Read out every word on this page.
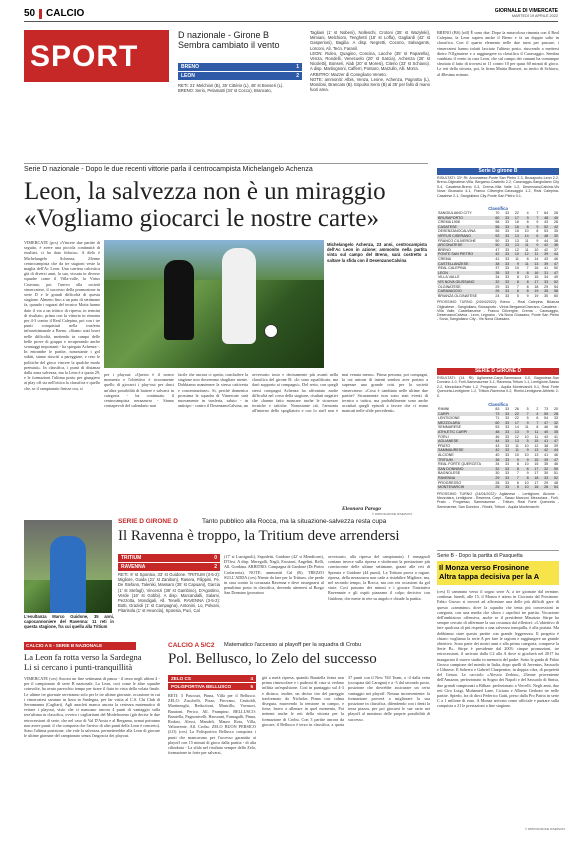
50 CALCIO	GIORNALE DI VIMERCATE
MARTEDÌ 19 APRILE 2022
SPORT
D nazionale - Girone B
Sembra cambiato il vento
BRENO	1
LEON	2
RETI: 21' Melchiori (B), 35' Cittério (L), 48' st Bonseri (L).
BRENO: Serio, Pelamatti (34' st Cocco), Brancato,
Tagliani (1' st Nobeni), Nolleschi, Crotoni (35' st Wazyleki), Mimiani, Melchioro, Tenghetti (16' st Loffa), Gagliardi (42' st Gasperioni), Bagilia. A disp. Negretti, Cocono, Salvagonts, Lorconi, Alì. Tecn. Faranil.
LEON: Ruleo, Quagino, Concina, Lacche (35' st Paparella), Venza, Rondelli, Venecuelo (20' st Sarcia), Achenza (26' st Nicoletti), Bonseri, Alab (20' st Moresi), Citerio (33' st Schiavo). A disp. Martiognoni, Cafferri, Pontaro, Marzullo, Alli. Morra.
ARBITRO: Mazzer di Conegliano Veneto.
NOTE: ammoniti: Albis, Venza, Leone, Achenza, Pagnotta (L), Mondoni, Brancato (B). Espulso Serio (B) al 35' per fallo di mano fuori area.
BRENO (BS) [rdf] È sono due. Dopo la miracolosa rimonta con il Real Calepina, la Leon supera anche il Breno e fa un doppio salto in classifica. Con il quarto elemento nelle due turni per passare, i vimercatesi hanno infatti lasciato l'ultimo posto, riuscendo a mettersi dietro l'Olginatese e a raggiungere in classifica il Caravaggio. Sembra cambiato il vento in casa Leon, che sul campo dei camuni ha comunque sfruttato il fatto di trovarsi in 11 contro 10 per quasi 60 minuti di gioco. Le reti della vittoria, poi, la firma Mattia Bonseri, su invito di Schiavo, al 48esimo minuto.
Serie D nazionale - Dopo le due recenti vittorie parla il centrocampista Michelangelo Achenza
Leon, la salvezza non è un miraggio
«Vogliamo giocarci le nostre carte»
VIMERCATE (pcs) «Vincere due partite di seguito, è avere una piccola continuità di risultati, ci ha dato fiducia». A dirlo è Michelangelo Achenza, 23enne centrocampista che da tre stagioni veste la maglia dell'Ac Leon. Una carriera calcistica già di diversi anni, la sua, vissuta in diverse squadre come il Villa-valle, la Virtus Ciserano, poi l'arrivo alla società vimercatese, il successo della promozione in serie D e le grandi difficoltà di questa stagione. Almeno fino a un paio di settimane fa, quando i ragazzi del tecnico Motta hanno dato il via a un trittico di ripresa, in termini di risultato, prima con la vittoria in rimonta per 4-3 contro il Real Calepina, poi con i tre punti conquistati nella trasferta infrasettimanale a Breno. «Siamo stati bravi nelle difficoltà, mettendo in campo delle belle prove di gruppo e recuperando anche svantaggi importanti - ha spiegato Achenza -. In entrambe le partite, nonostante i gol subiti, siamo riusciti a pareggiare, e reso le politiche del gioco vincere la qualche modo premiati». In classifica, i punti di distanza dalla zona salvezza, ma la Leon è a quota 29, e le formazioni l'ultima posto per giungiero ai play off sia nell'ottica la classifica e quello che, se il campionato finisse ora, si
Michelangelo Achenza, 23 anni, centrocampista dell'Ac Leon in azione; ammonito nella partita vinta sul campo del Breno, sarà costretto a saltare la sfida con il DesenzanoCalvina
per i playout: «Questo è il nostro momento e l'obiettivo è sicuramente quello di giocarci i play-out per darci un'altra possibilità di battere e salvarci in categoria - ha continuato il centrocampista nerazzurro - Siamo consapevoli del calendario non
facile che ancora ci spetta; concludere la stagione non dovremmo sbagliare niente. Dobbiamo mantenere la stessa cattiveria e concentrazione». Si, perché domenica prossima la squadra di Vimercate sarà nuovamente in trasferta, saluto - in anticipo - contro il DesenzanoCalvina, un
avversario tosto e decisamente più avanti nella classifica del girone B: «Io sono squalificato, ma darò supporto ai compagni». Del resto, con quegli stessi compagni Achenza ha affrontato molte difficoltà nel corso della stagione, risultati negativi che «hanno fatto mancare anche le sicurezze tecniche e tattiche. Nonostante ciò, l'armonia all'interno dello spogliatoio e con lo staff non è mai venuta meno». Prima persona, poi compagni, la cui unione di intenti sembra aver portato a superare una grande crisi per la società vimercatese. «Cosa è cambiato nelle ultime due partite? Sicuramente non sono stati eventi di tecnica o tattica, ma probabilmente sono anche accaduti quegli episodi a favore che ci erano mancati nelle sfide precedenti».
Eleonora Parogo
© RIPRODUZIONE RISERVATA
Serie D girone B
RISULTATI: 33^ Rt: Arconatese-Ponte San Pietro 2-3, Brusaporto-Leon 2-2, Breno-Olginatese-Villa, Bergamo-Castiello 2-2, Caravaggio-Sangiuliano City 0-4, Casatese-Breno 0-3, Crema-Villa Valle 1-2, DesenzanoCalvina-Vis Nova Giussano 4-1, Franco Ciliverghe-Caravaggio 1-2, Real Calepina-Casatese 2-1, Sangiuliano City-Ponte San Pietro 0-1.
Classifica
SANGIULIANO CITY	70	33	22	4	7	64	26
BRUSAPORTO	60	33	17	9	7	48	40
CREMA 1908	58	33	16	8	9	43	28
CASATESE	56	33	16	8	9	52	42
DESENZANOCALVINA	55	33	15	10	8	53	35
VIRTUS CISERANO	53	33	13	14	6	48	30
FRANCO CILIVERGHE	50	33	13	11	9	44	38
ARCONATESE	50	33	13	11	9	42	36
BRENO	47	33	12	11	10	42	37
PONTE SAN PIETRO	42	33	10	12	11	39	44
CREMA	41	33	11	8	14	43	46
CASTELLANZESE	38	33	9	11	13	39	47
REAL CALEPINA	37	33	10	7	16	41	50
LEON	35	33	9	8	16	31	47
VILLA VALLE	34	33	8	10	15	34	49
VIS NOVA GIUSSANO	32	33	8	8	17	33	52
OLGINATESE	29	33	7	8	18	29	54
CARAVAGGIO	26	33	6	8	19	35	58
BRIANZA OLGINATESE	24	33	5	9	19	30	60
PROSSIMO TURNO (24/04/2022): Breno - Real Calepina, Brianza Olginatese - Sangiuliano, Brusaporto - Virtus Bergamo/Ciserano, Casatese - Villa Valle, Castellanzese - Franco Ciliverghe, Crema - Caravaggio, DesenzanoCalvina - Leon, Legnano - Vis Nova Giussano, Ponte San Pietro - Sona, Sangiuliano City - Vis Nova Giussano.
SERIE D GIRONE D
RISULTATI: (14. Rt) Aglianese-Carpi-Sammaura 0-0, Bagnolese-San Donnino 1-0, Forlì-Sammaurese 3-1, Ravenna-Tritium 1-1, Lentigione-Sasso 2-2, Mezzolara-Prato 1-2, Progresso - Aquila Montevarchi 0-1, Real Forte Querceta-Lentigione 1-2, Tritium-Ravenna 0-2, Rimini-Lentigione-Athletic 2-0.
Classifica
RIMINI	83	33	26	5	2	73	20
CARPI	73	33	22	7	4	59	28
LENTIGIONE	71	33	22	5	6	54	33
MEZZOLARA	60	33	17	9	7	47	32
SEMMARESE	53	33	14	11	8	46	36
ATHLETIC CARPI	48	33	13	9	11	40	35
FORLÌ	46	33	12	10	11	43	41
AGLIANESE	44	33	13	5	15	41	47
PRATO	43	33	11	10	12	38	39
SAMMAURESE	42	33	11	9	13	42	44
ALCIONE	40	33	10	10	13	41	46
TRITIUM	36	33	9	9	15	39	47
REAL FORTE QUERCETA	34	33	8	10	15	35	46
SAN DONNINO	32	33	8	8	17	32	50
BAGNOLESE	30	33	7	9	17	30	51
RAVENNA	29	33	7	8	18	33	52
PROGRESSO	28	33	6	10	17	29	48
MONTEVARCHI	25	33	5	10	18	28	54
PROSSIMO TURNO (24/04/2022): Aglianese - Lentigione, Alcione - Mezzolara, Lentigione - Ravenna, Carpi - Sasso Marconi, Mezzolara - Forlì, Prato - Progresso, Sammaurese - Tritium, Real Forte Querceta - Semmarese, San Donnino - Rimini, Tritium - Aquila Montevarchi.
Serie B - Dopo la partita di Pasquetta
Il Monza verso Frosinone
Altra tappa decisiva per la A
(ces) Il cammino verso il sogno serie A, a tre giornate dal termine, continua: lunedì, alle 15, il Monza è atteso in Ciociaria dal Frosinone. Fabio Grosso si troverà ad affrontare una delle più difficili gare di questo «cammino» dove la squadra che tenta più concessioni in categoria, con una media che sfiora i capolisti tre partita. Vocazione dell'ambizioso offensiva, anche se il presidente Maurizio Stirpe ha sempre cercato di affermare la sua costanza dal riflettori: «L'obiettivo di fare qualcosa di più rispetto a una salvezza tranquilla, è alla portata. Ma dobbiamo stare questo partite con grande leggerezza. Il progetto è chiaro: vogliamo la serie A per fare le ragioni e raggiungere un grande obiettivo. Sono parte dei nostri anni e alla prima categoria, comprese la Serie B». Stirpe è presidente dal 2003: cinque promozioni, tre retrocessioni, il arrivato dalla C2 alla A dove si giocherà nel 2017 ha inaugurato il nuovo stadio in memoria del padre. Sotto la guida di Fabio Grosso campione del mondo in Italia, dopo quelli di Juventus, Sassuolo e Udinese. Il Sobrero e Gabriel Charpentier, in doppia cifra, di proprietà del Genoa. Le cacciolo «Alessio Zerbin», 23enne proveniente dell'Amazon, perfezionato in Sogno dei Napoli e del Sassuolo di Sinisa, due grandi campionati a Bilbao: perfezionato a Vercelli. Negli anni, due reti Ciro Luigi, Muhamed Lane, Ciciano e Alberto Gerboni tre nelle partite. Spiedo, fra di dieci Federico Gatti, preso dalla Pro Patria in serie C a 1 milione di euro. A Monza arrivato come ufficiale e puntare sulla conquista a 21 le prestazioni a fine stagione.
© RIPRODUZIONE RISERVATA
L'esultanza Marco Guidone, 35 anni, capocannoniere del Ravenna: 11 reti in questa stagione, fra cui quella alla Tritium
SERIE D GIRONE D	Tanto pubblico alla Rocca, ma la situazione-salvezza resta cupa
Il Ravenna è troppo, la Tritium deve arrendersi
TRITIUM	0
RAVENNA	2
RETI: 9' st Sponsia, 33' st Guidone. TRITIUM (3-5-2): Migliore, Guida (21' st Zanibon), Rasera, Filippini, Fe. De Stefano, Taleniki, Massaro (35' st Capuani), Garcia (1' st Stefagl), Vincenzi (38' st Gambino), D'Agostino, Verde (16' st Gobbi). A disp. Marcandalli, Salami, Pezzotta, Mondigali, All. Tenelli. RAVENNA (3-5-2): Botti, Grazioli (1' st Campagna), Antonini, Lo, Polvani, Pitarisola (1' st Heuncla), Sponsia, Puci, Cal
(17' st Lussignoli), Sapodetti, Guidone (42' st Mendiconi), D'Orsi. A disp. Meregalli, Nagli, Erostoni, Angelini, Belli, All. Gordana. ARBITRO: Campagna di Gardone (Dr Pietro Carfarrotta). NOTE: ammoniti Cal (R). TREZZO SULL'ADDA (ces) Niente da fare per la Tritium, che perde in casa contro la corazzata Ravenna e deve rassegnarsi al penultimo posto in classifica, dovendo attenersi al Borgo San Donnino (prossimo
avversario, alla ripresa del campionato). I romagnoli contano invece sulla ripresa e sfoderano la prestazione più convincente delle ultime settimane, grazie alle reti di Sponsia e Guidone (44 punti). La Tritium prova a ragare, ripresa, della nerazzurra non cade a ristabilire Migliore, ma, nel secondo tempo, la Rocca, ma con rea occasioni da gol vinte. Così passano dei minuti e i giocare l'iniziativa Ravennate e gli ospiti piazzano il colpo decisivo con Guidone, che mette in rete su angolo e chiude la partita.
CALCIO A 5 - SERIE B NAZIONALE
La Leon fa rotta verso la Sardegna
Li si cercano i punti-tranquillità
VIMERCATE (ces) Ancora un fine settimana di pausa - il terzo negli ultimi 4 - per il campionato di serie B nazionale. La Leon, così come le altre squadre coinvolte, ha avuto parecchio tempo per tirare il fiato in vista della volata finale. Le ultime tre giornate serviranno solo per le tre ultime giornate, occasione in cui i vimercatesi saranno in lizza in Sardegna, per far visita al C.S. Chi Club di Serramanna (Cagliari). Agli anacleti manca ancora la certezza matematica di evitare i playout, visto che ci mancano ancora 4 punti di vantaggio sulla terz'ultima in classifica, ovvero i cagliaritani del Modelrozeno (già decise le due retrocessioni di serie, che nel caso di Val D'Aosta e al Bergamo, ormai potranno non avere punti: il che comporta che l'arrivo di altri punti della Leon è concreto). Sono l'ultima posizione, che vale la salvezza, permetterebbe alla Leon di giocare le ultime giornate del campionato senza l'angoscia dei playout.
CALCIO A 5/C2 Matematico l'accesso ai playoff per la squadra di Crobu
Pol. Bellusco, lo Zelo del successo
ZELO CS	4
POLISPORTIVA BELLUSCO	5
RETI: 3 Pasocuri, Pinna, Villa per il Bellusco. ZELO: Zucchelli, Pizzo, Pirovano, Castioldi, Martinenghi, Reducitoni, Mastrillo, Vavasori, Baratoni, Perico. All. Frampino. BELLUSCO: Baratella, Pagnonivelli, Hassouni, Fumagalli, Pinna, Rodasi, Alessi, Mandeli, Mauro Rota, Villa, Valtorrente. All. Crobu. ZELO BUON PERSICO (LO) (ces) La Polisportiva Bellusco conquista i punti che mancavano per l'accesso garantito ai playoff con 15 minuti di gioco dalla partita - di alta cilindrata - La sfida nel risultato sempre dello Zelo, formazione in forte per salvarsi,
già a metà ripresa, quando Baratella firma non prima rimescolare e i padroni di casa si vedono inflitta un'espulsione. Così in puntaggio sul 4-3 e dicinco, inoltre, un deciso tiro del pareggio trasformato da Nicholas Pinna con calma diseguia, muovendo la tensione in campo, e forse, bravo a allenare in quel momento, Poi nettemi anche le reti della vittoria per la formazione di Crobu. Con 3 partite ancora da giocare, il Bellusco è terzo in classifica, a quota 37 punti con il New Vill Team, a -4 dalla vetta (occupata dal Caragna) e a -3 dal secondo posto, posizione che dovrebbe assicurare un certo vantaggio nei playoff. Nessun inconveniente: la formazione proverà a migliorare la sua posizione in classifica, difendendo con i denti la terza piazza, per poi giocarsi le sue carte nei playoff al massimo delle proprie possibilità di successo.
